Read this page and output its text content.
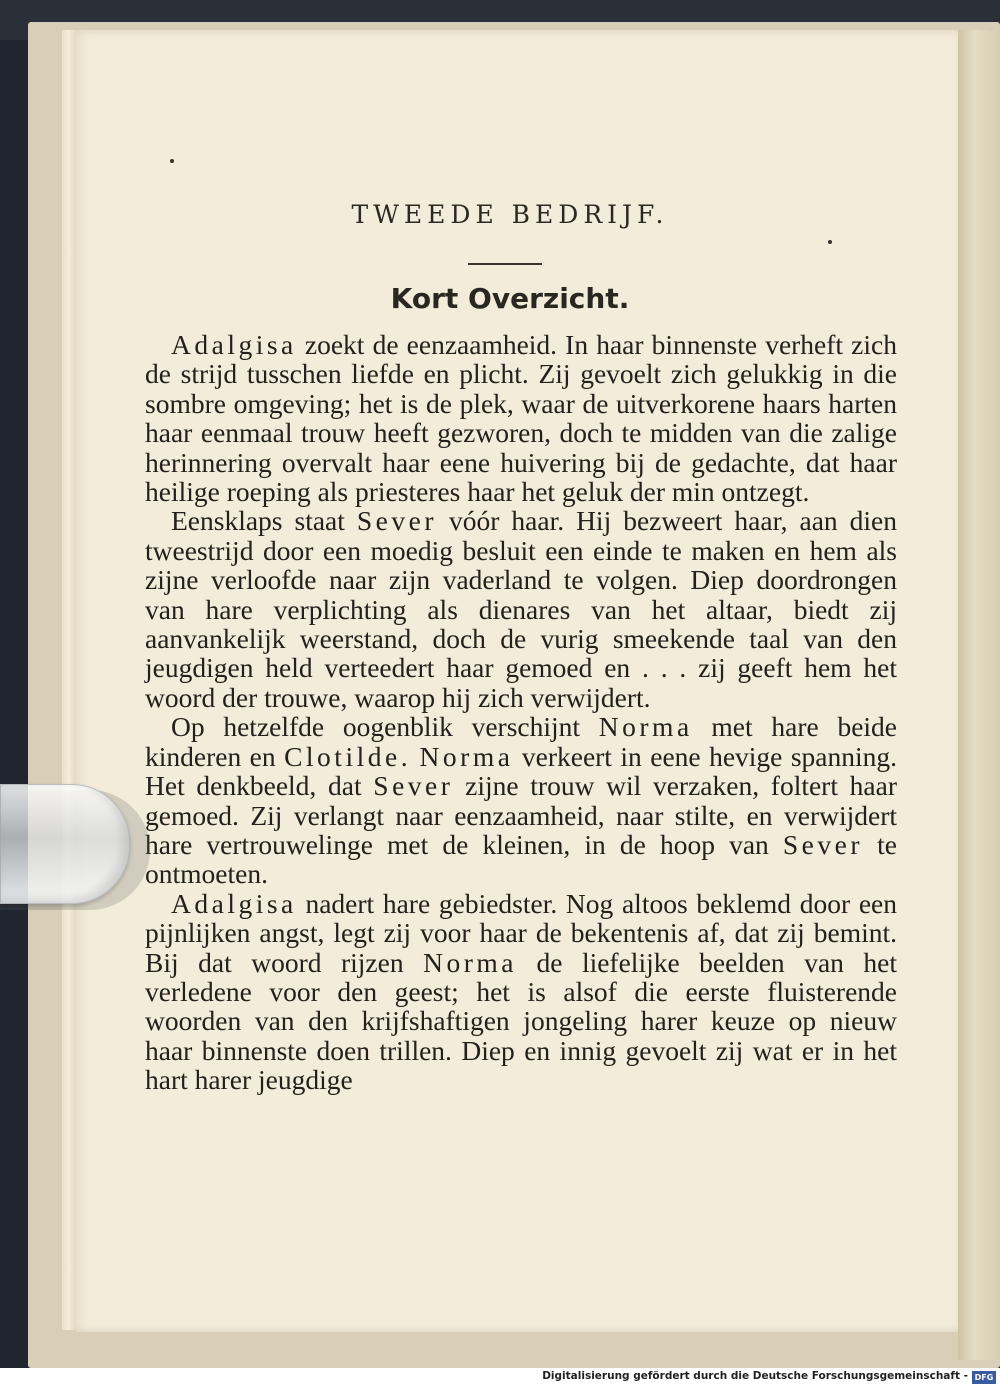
TWEEDE BEDRIJF.
Kort Overzicht.

Adalgisa zoekt de eenzaamheid. In haar binnenste verheft zich de strijd tusschen liefde en plicht. Zij gevoelt zich gelukkig in die sombre omgeving; het is de plek, waar de uitverkorene haars harten haar eenmaal trouw heeft gezworen, doch te midden van die zalige herinnering overvalt haar eene huivering bij de gedachte, dat haar heilige roeping als priesteres haar het geluk der min ontzegt.

Eensklaps staat Sever vóór haar. Hij bezweert haar, aan dien tweestrijd door een moedig besluit een einde te maken en hem als zijne verloofde naar zijn vaderland te volgen. Diep doordrongen van hare verplichting als dienares van het altaar, biedt zij aanvankelijk weerstand, doch de vurig smeekende taal van den jeugdigen held verteedert haar gemoed en . . . zij geeft hem het woord der trouwe, waarop hij zich verwijdert.

Op hetzelfde oogenblik verschijnt Norma met hare beide kinderen en Clotilde. Norma verkeert in eene hevige spanning. Het denkbeeld, dat Sever zijne trouw wil verzaken, foltert haar gemoed. Zij verlangt naar eenzaamheid, naar stilte, en verwijdert hare vertrouwelinge met de kleinen, in de hoop van Sever te ontmoeten.

Adalgisa nadert hare gebiedster. Nog altoos beklemd door een pijnlijken angst, legt zij voor haar de bekentenis af, dat zij bemint. Bij dat woord rijzen Norma de liefelijke beelden van het verledene voor den geest; het is alsof die eerste fluisterende woorden van den krijfshaftigen jongeling harer keuze op nieuw haar binnenste doen trillen. Diep en innig gevoelt zij wat er in het hart harer jeugdige

Digitalisierung gefördert durch die Deutsche Forschungsgemeinschaft - DFG
